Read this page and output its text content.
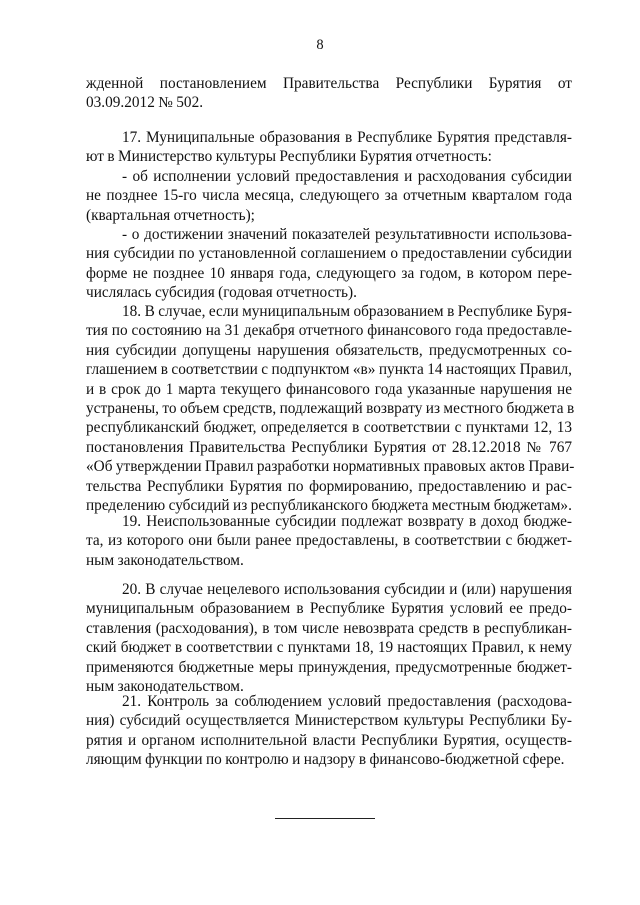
8
жденной постановлением Правительства Республики Бурятия от
03.09.2012 № 502.
17. Муниципальные образования в Республике Бурятия представля-
ют в Министерство культуры Республики Бурятия отчетность:
- об исполнении условий предоставления и расходования субсидии
не позднее 15-го числа месяца, следующего за отчетным кварталом года
(квартальная отчетность);
- о достижении значений показателей результативности использова-
ния субсидии по установленной соглашением о предоставлении субсидии
форме не позднее 10 января года, следующего за годом, в котором пере-
числялась субсидия (годовая отчетность).
18. В случае, если муниципальным образованием в Республике Буря-
тия по состоянию на 31 декабря отчетного финансового года предоставле-
ния субсидии допущены нарушения обязательств, предусмотренных со-
глашением в соответствии с подпунктом «в» пункта 14 настоящих Правил,
и в срок до 1 марта текущего финансового года указанные нарушения не
устранены, то объем средств, подлежащий возврату из местного бюджета в
республиканский бюджет, определяется в соответствии с пунктами 12, 13
постановления Правительства Республики Бурятия от 28.12.2018 № 767
«Об утверждении Правил разработки нормативных правовых актов Прави-
тельства Республики Бурятия по формированию, предоставлению и рас-
пределению субсидий из республиканского бюджета местным бюджетам».
19. Неиспользованные субсидии подлежат возврату в доход бюдже-
та, из которого они были ранее предоставлены, в соответствии с бюджет-
ным законодательством.
20. В случае нецелевого использования субсидии и (или) нарушения
муниципальным образованием в Республике Бурятия условий ее предо-
ставления (расходования), в том числе невозврата средств в республикан-
ский бюджет в соответствии с пунктами 18, 19 настоящих Правил, к нему
применяются бюджетные меры принуждения, предусмотренные бюджет-
ным законодательством.
21. Контроль за соблюдением условий предоставления (расходова-
ния) субсидий осуществляется Министерством культуры Республики Бу-
рятия и органом исполнительной власти Республики Бурятия, осуществ-
ляющим функции по контролю и надзору в финансово-бюджетной сфере.
